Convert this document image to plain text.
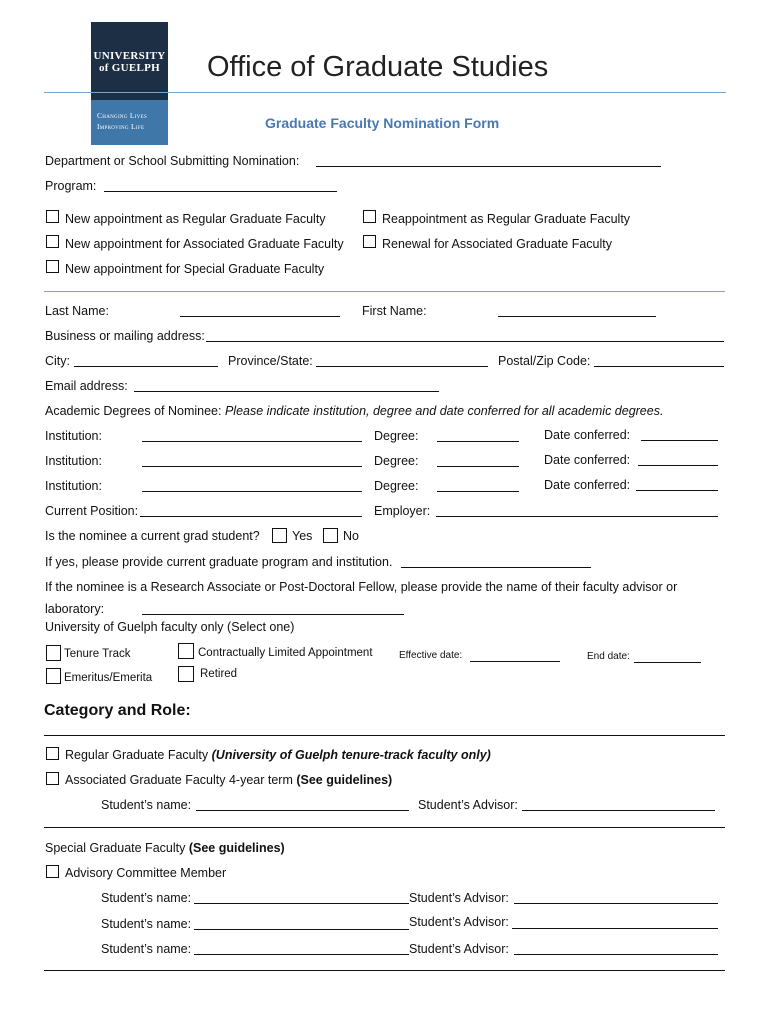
UNIVERSITY
of GUELPH
Changing Lives
Improving Life
Office of Graduate Studies
Graduate Faculty Nomination Form
Department or School Submitting Nomination:
Program:
New appointment as Regular Graduate Faculty	Reappointment as Regular Graduate Faculty
New appointment for Associated Graduate Faculty	Renewal for Associated Graduate Faculty
New appointment for Special Graduate Faculty
Last Name:	First Name:
Business or mailing address:
City:	Province/State:	Postal/Zip Code:
Email address:
Academic Degrees of Nominee: Please indicate institution, degree and date conferred for all academic degrees.
Institution:	Degree:	Date conferred:
Institution:	Degree:	Date conferred:
Institution:	Degree:	Date conferred:
Current Position:	Employer:
Is the nominee a current grad student?	Yes No
If yes, please provide current graduate program and institution.
If the nominee is a Research Associate or Post-Doctoral Fellow, please provide the name of their faculty advisor or
laboratory:
University of Guelph faculty only (Select one)
Tenure Track	Contractually Limited Appointment	Effective date:	End date:
Emeritus/Emerita	Retired
Category and Role:
Regular Graduate Faculty (University of Guelph tenure-track faculty only)
Associated Graduate Faculty 4-year term (See guidelines)
Student’s name:	Student’s Advisor:
Special Graduate Faculty (See guidelines)
Advisory Committee Member
Student’s name:	Student’s Advisor:
Student’s name:	Student’s Advisor:
Student’s name:	Student’s Advisor:
